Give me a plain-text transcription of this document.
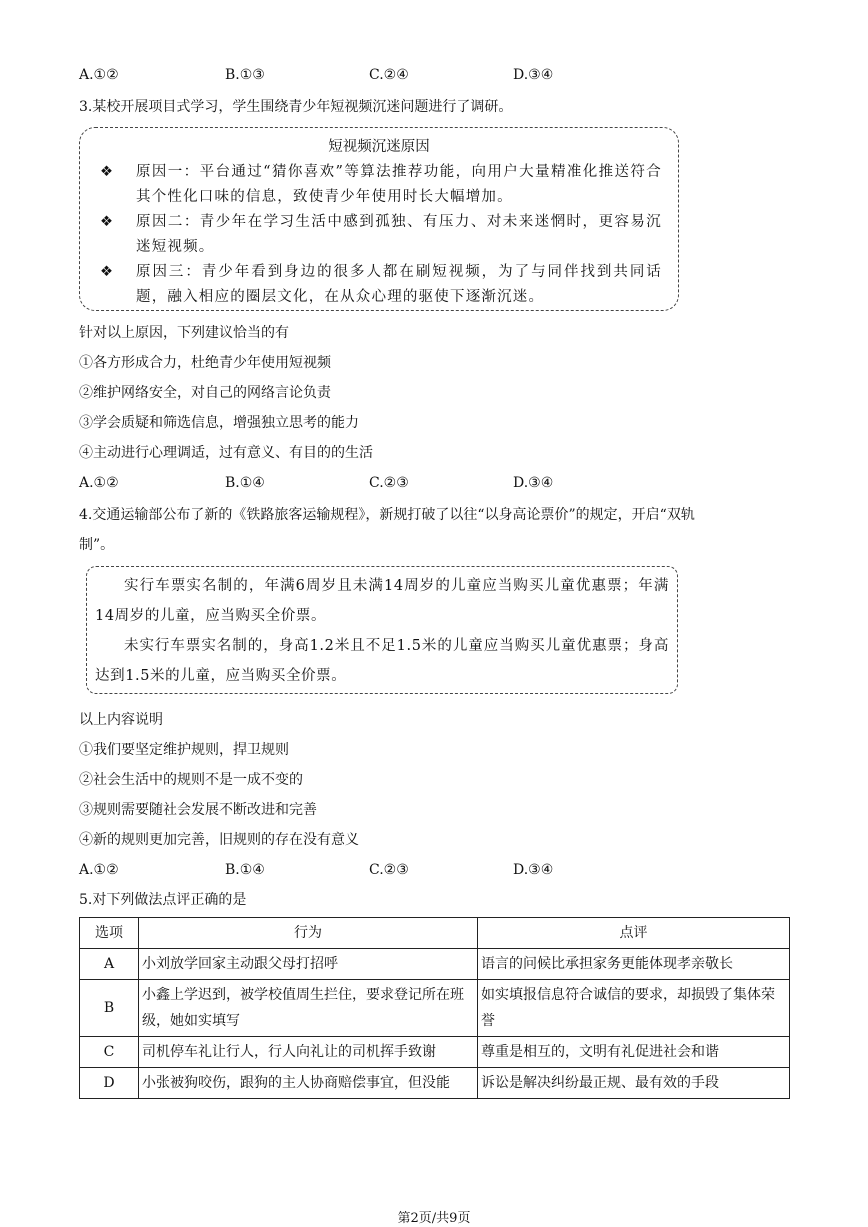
A.①②	B.①③	C.②④	D.③④
3.某校开展项目式学习，学生围绕青少年短视频沉迷问题进行了调研。
短视频沉迷原因
❖	原因一：平台通过“猜你喜欢”等算法推荐功能，向用户大量精准化推送符合其个性化口味的信息，致使青少年使用时长大幅增加。
❖	原因二：青少年在学习生活中感到孤独、有压力、对未来迷惘时，更容易沉迷短视频。
❖	原因三：青少年看到身边的很多人都在刷短视频，为了与同伴找到共同话题，融入相应的圈层文化，在从众心理的驱使下逐渐沉迷。
针对以上原因，下列建议恰当的有
①各方形成合力，杜绝青少年使用短视频
②维护网络安全，对自己的网络言论负责
③学会质疑和筛选信息，增强独立思考的能力
④主动进行心理调适，过有意义、有目的的生活
A.①②	B.①④	C.②③	D.③④
4.交通运输部公布了新的《铁路旅客运输规程》，新规打破了以往“以身高论票价”的规定，开启“双轨
制”。
实行车票实名制的，年满6周岁且未满14周岁的儿童应当购买儿童优惠票；年满14周岁的儿童，应当购买全价票。
未实行车票实名制的，身高1.2米且不足1.5米的儿童应当购买儿童优惠票；身高达到1.5米的儿童，应当购买全价票。
以上内容说明
①我们要坚定维护规则，捍卫规则
②社会生活中的规则不是一成不变的
③规则需要随社会发展不断改进和完善
④新的规则更加完善，旧规则的存在没有意义
A.①②	B.①④	C.②③	D.③④
5.对下列做法点评正确的是
选项	行为	点评
A	小刘放学回家主动跟父母打招呼	语言的问候比承担家务更能体现孝亲敬长
B	小鑫上学迟到，被学校值周生拦住，要求登记所在班级，她如实填写	如实填报信息符合诚信的要求，却损毁了集体荣誉
C	司机停车礼让行人，行人向礼让的司机挥手致谢	尊重是相互的，文明有礼促进社会和谐
D	小张被狗咬伤，跟狗的主人协商赔偿事宜，但没能	诉讼是解决纠纷最正规、最有效的手段
第2页/共9页
